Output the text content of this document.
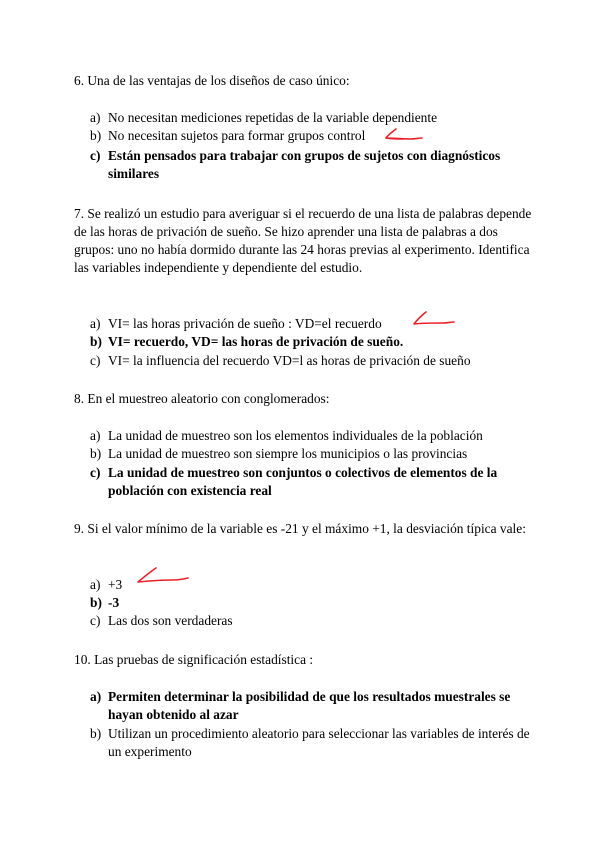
6. Una de las ventajas de los diseños de caso único:

a) No necesitan mediciones repetidas de la variable dependiente
b) No necesitan sujetos para formar grupos control
c) Están pensados para trabajar con grupos de sujetos con diagnósticos similares

7. Se realizó un estudio para averiguar si el recuerdo de una lista de palabras depende de las horas de privación de sueño. Se hizo aprender una lista de palabras a dos grupos: uno no había dormido durante las 24 horas previas al experimento. Identifica las variables independiente y dependiente del estudio.

a) VI= las horas privación de sueño : VD=el recuerdo
b) VI= recuerdo, VD= las horas de privación de sueño.
c) VI= la influencia del recuerdo VD=l as horas de privación de sueño

8. En el muestreo aleatorio con conglomerados:

a) La unidad de muestreo son los elementos individuales de la población
b) La unidad de muestreo son siempre los municipios o las provincias
c) La unidad de muestreo son conjuntos o colectivos de elementos de la población con existencia real

9. Si el valor mínimo de la variable es -21 y el máximo +1, la desviación típica vale:

a) +3
b) -3
c) Las dos son verdaderas

10. Las pruebas de significación estadística :

a) Permiten determinar la posibilidad de que los resultados muestrales se hayan obtenido al azar
b) Utilizan un procedimiento aleatorio para seleccionar las variables de interés de un experimento
